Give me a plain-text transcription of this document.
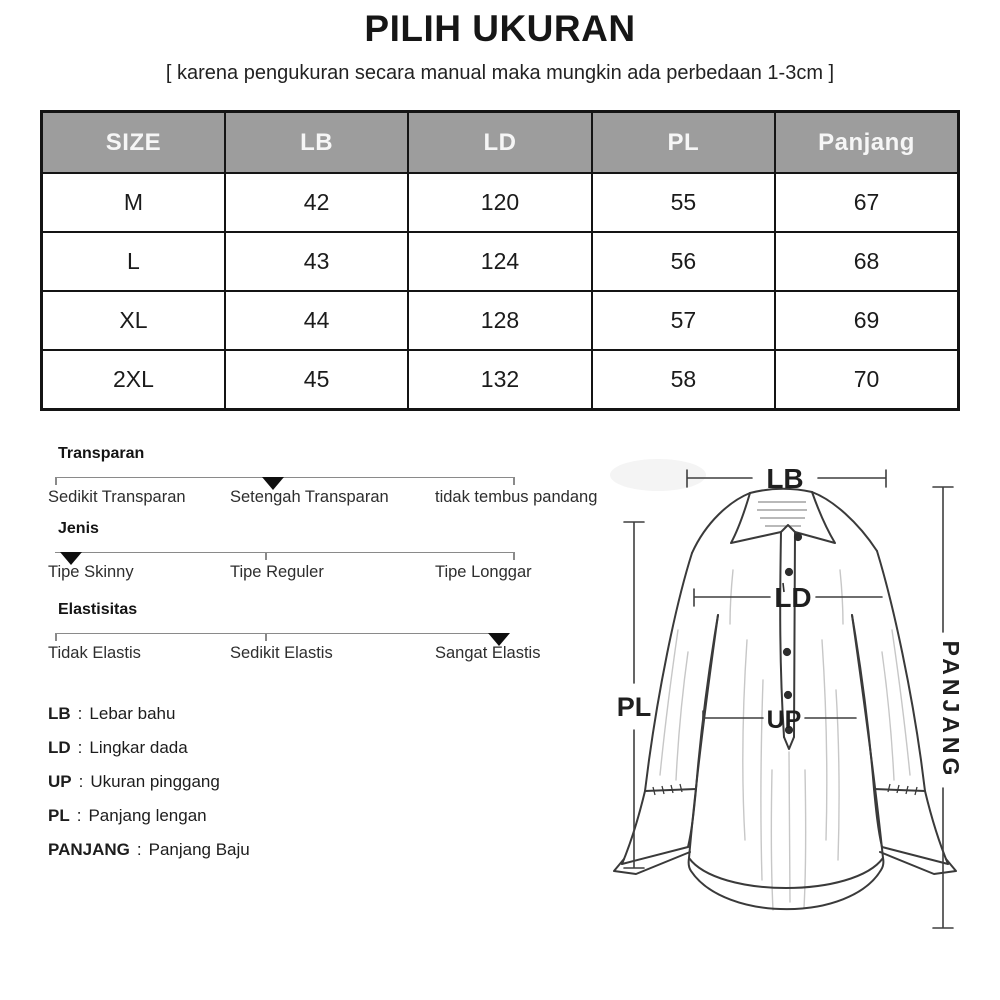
PILIH UKURAN
[ karena pengukuran secara manual maka mungkin ada perbedaan 1-3cm ]
SIZE	LB	LD	PL	Panjang
M	42	120	55	67
L	43	124	56	68
XL	44	128	57	69
2XL	45	132	58	70
Transparan
Sedikit Transparan	Setengah Transparan	tidak tembus pandang
Jenis
Tipe Skinny	Tipe Reguler	Tipe Longgar
Elastisitas
Tidak Elastis	Sedikit Elastis	Sangat Elastis
LB : Lebar bahu
LD : Lingkar dada
UP : Ukuran pinggang
PL : Panjang lengan
PANJANG : Panjang Baju
LB
LD
UP
PL	PANJANG
